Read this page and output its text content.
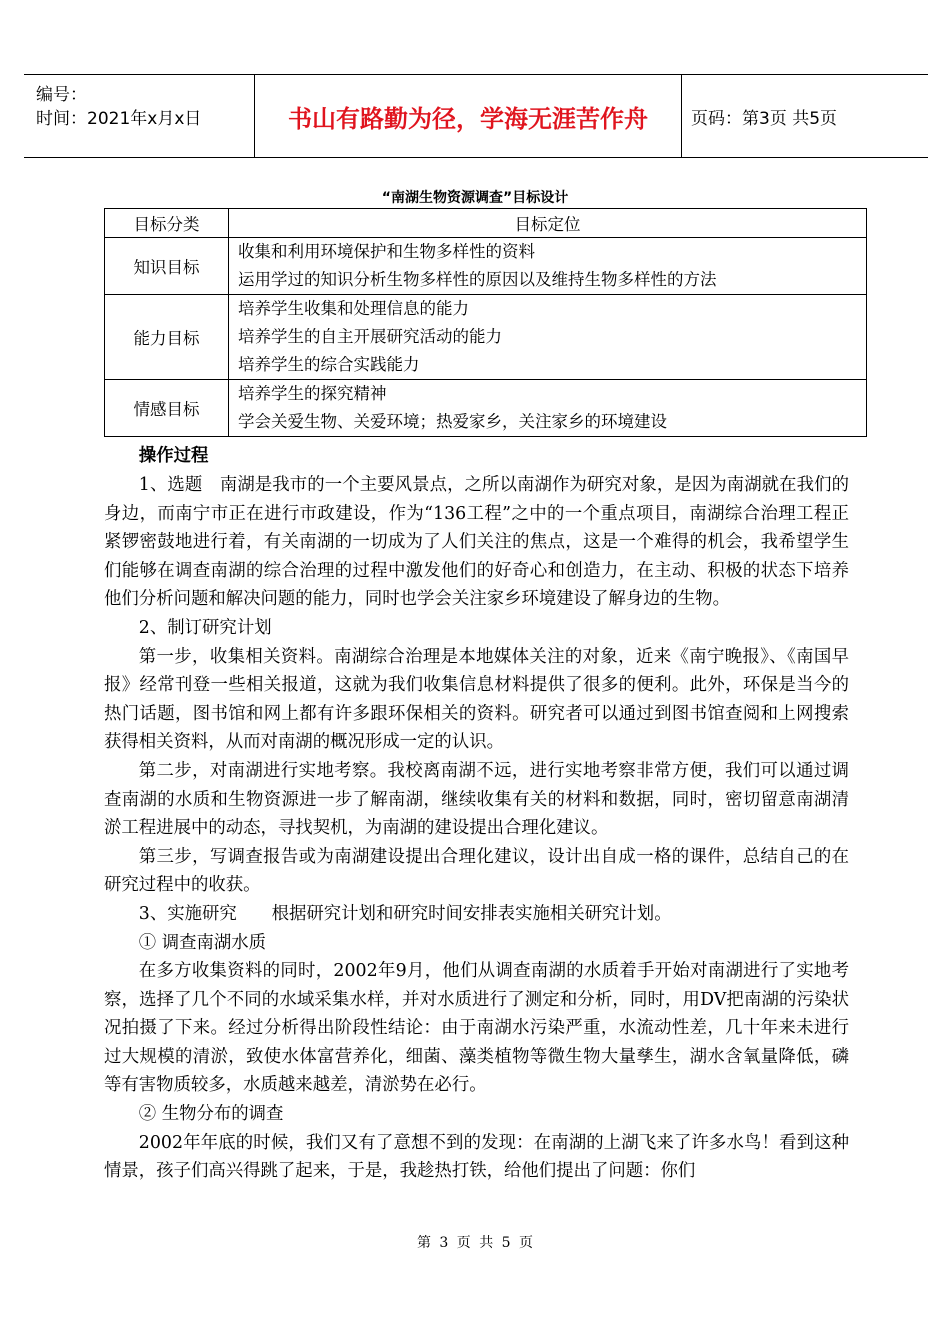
编号：
时间：2021年x月x日	书山有路勤为径，学海无涯苦作舟	页码：第3页 共5页
“南湖生物资源调查”目标设计
目标分类	目标定位
知识目标	收集和利用环境保护和生物多样性的资料
运用学过的知识分析生物多样性的原因以及维持生物多样性的方法

能力目标	培养学生收集和处理信息的能力
培养学生的自主开展研究活动的能力
培养学生的综合实践能力

情感目标	培养学生的探究精神
学会关爱生物、关爱环境；热爱家乡，关注家乡的环境建设
操作过程

1、选题　南湖是我市的一个主要风景点，之所以南湖作为研究对象，是因为南湖就在我们的身边，而南宁市正在进行市政建设，作为“136工程”之中的一个重点项目，南湖综合治理工程正紧锣密鼓地进行着，有关南湖的一切成为了人们关注的焦点，这是一个难得的机会，我希望学生们能够在调查南湖的综合治理的过程中激发他们的好奇心和创造力，在主动、积极的状态下培养他们分析问题和解决问题的能力，同时也学会关注家乡环境建设了解身边的生物。

2、制订研究计划

第一步，收集相关资料。南湖综合治理是本地媒体关注的对象，近来《南宁晚报》、《南国早报》经常刊登一些相关报道，这就为我们收集信息材料提供了很多的便利。此外，环保是当今的热门话题，图书馆和网上都有许多跟环保相关的资料。研究者可以通过到图书馆查阅和上网搜索获得相关资料，从而对南湖的概况形成一定的认识。

第二步，对南湖进行实地考察。我校离南湖不远，进行实地考察非常方便，我们可以通过调查南湖的水质和生物资源进一步了解南湖，继续收集有关的材料和数据，同时，密切留意南湖清淤工程进展中的动态，寻找契机，为南湖的建设提出合理化建议。

第三步，写调查报告或为南湖建设提出合理化建议，设计出自成一格的课件，总结自己的在研究过程中的收获。

3、实施研究　　根据研究计划和研究时间安排表实施相关研究计划。

① 调查南湖水质

在多方收集资料的同时，2002年9月，他们从调查南湖的水质着手开始对南湖进行了实地考察，选择了几个不同的水域采集水样，并对水质进行了测定和分析，同时，用DV把南湖的污染状况拍摄了下来。经过分析得出阶段性结论：由于南湖水污染严重，水流动性差，几十年来未进行过大规模的清淤，致使水体富营养化，细菌、藻类植物等微生物大量孳生，湖水含氧量降低，磷等有害物质较多，水质越来越差，清淤势在必行。

② 生物分布的调查

2002年年底的时候，我们又有了意想不到的发现：在南湖的上湖飞来了许多水鸟！看到这种情景，孩子们高兴得跳了起来，于是，我趁热打铁，给他们提出了问题：你们

第 3 页 共 5 页
